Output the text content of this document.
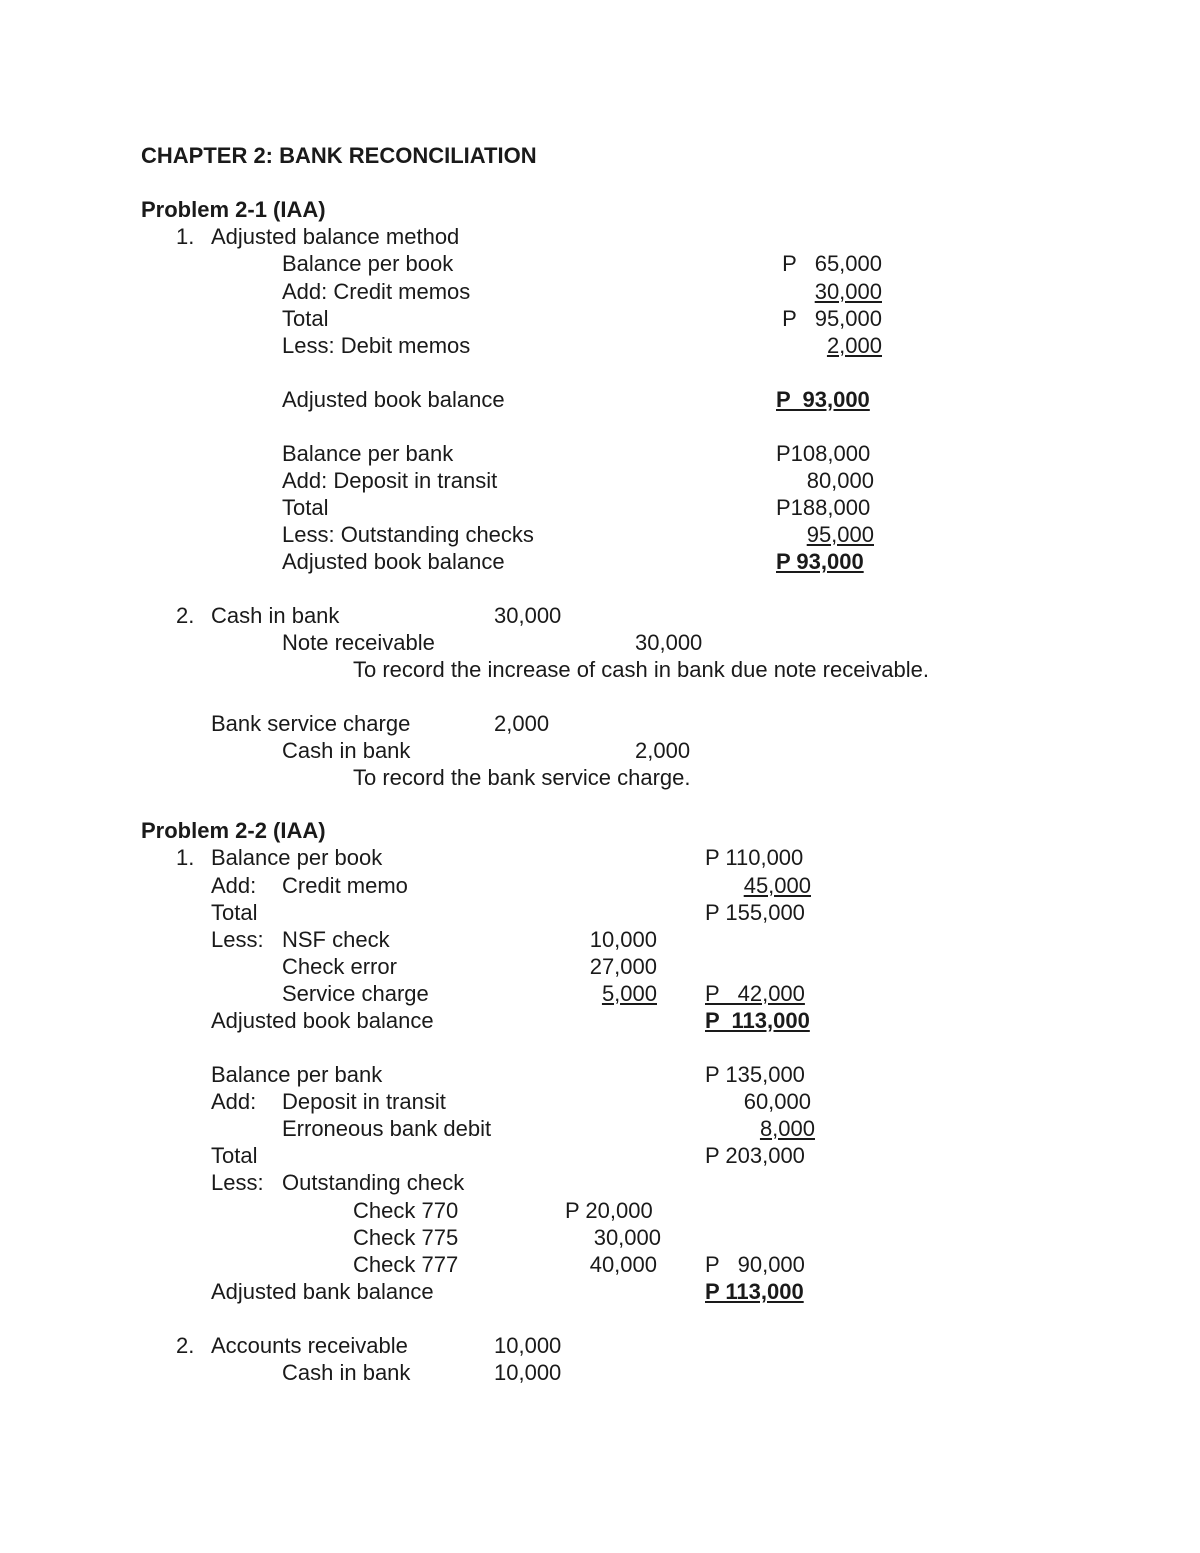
CHAPTER 2: BANK RECONCILIATION
Problem 2-1 (IAA)
1. Adjusted balance method
Balance per book	P   65,000
Add: Credit memos	30,000
Total	P   95,000
Less: Debit memos	2,000
Adjusted book balance	P  93,000
Balance per bank	P108,000
Add: Deposit in transit	80,000
Total	P188,000
Less: Outstanding checks	95,000
Adjusted book balance	P 93,000
2. Cash in bank	30,000
Note receivable	30,000
To record the increase of cash in bank due note receivable.
Bank service charge	2,000
Cash in bank	2,000
To record the bank service charge.
Problem 2-2 (IAA)
1. Balance per book	P 110,000
Add: Credit memo	45,000
Total	P 155,000
Less: NSF check	10,000
Check error	27,000
Service charge	5,000 P   42,000
Adjusted book balance	P  113,000
Balance per bank	P 135,000
Add: Deposit in transit	60,000
Erroneous bank debit	8,000
Total	P 203,000
Less: Outstanding check
Check 770	P 20,000
Check 775	30,000
Check 777	40,000 P   90,000
Adjusted bank balance	P 113,000
2. Accounts receivable	10,000
Cash in bank	10,000
